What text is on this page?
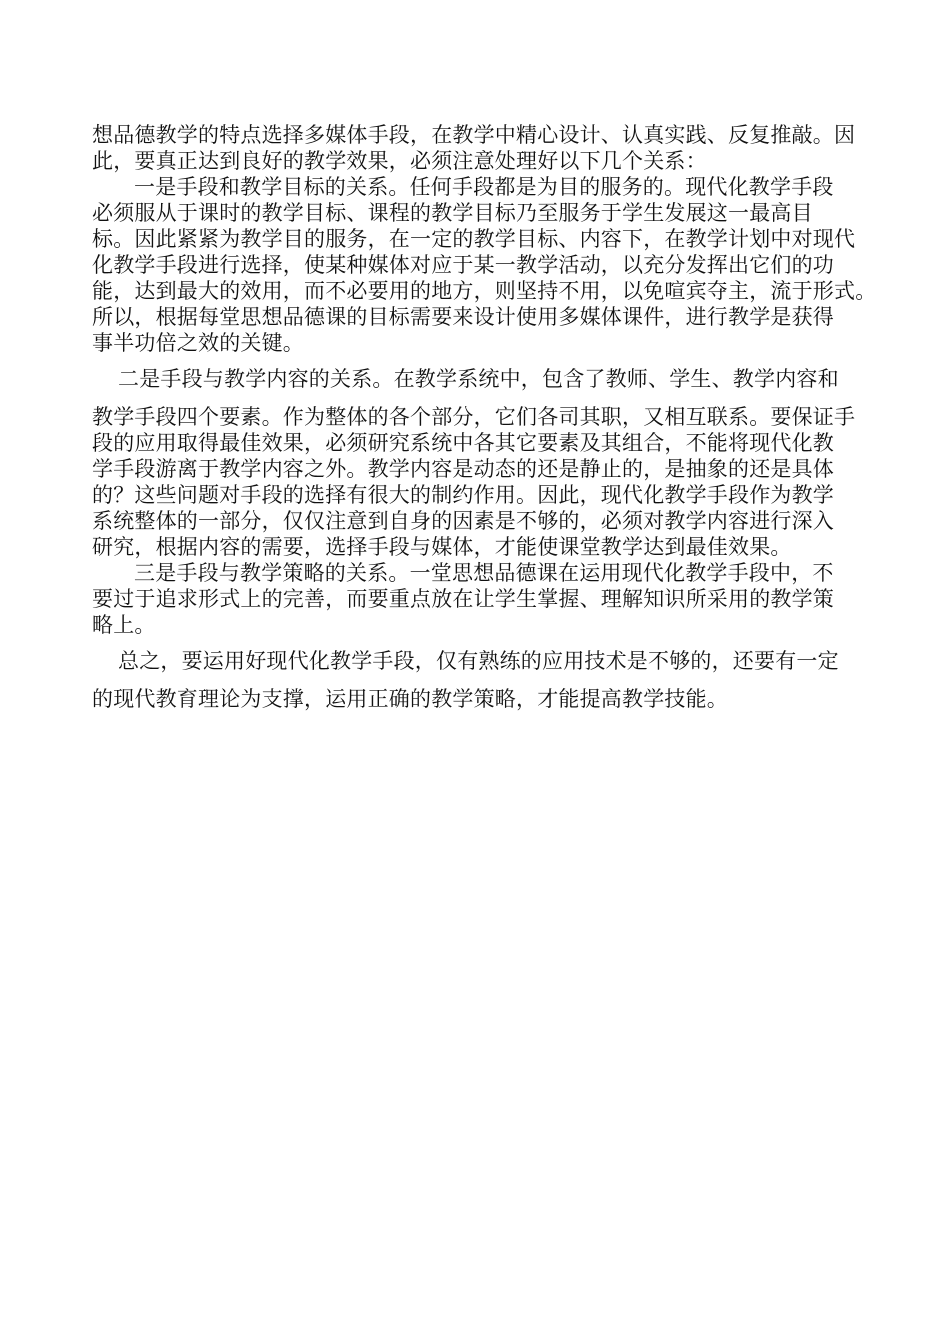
想品德教学的特点选择多媒体手段，在教学中精心设计、认真实践、反复推敲。因
此，要真正达到良好的教学效果，必须注意处理好以下几个关系：
一是手段和教学目标的关系。任何手段都是为目的服务的。现代化教学手段
必须服从于课时的教学目标、课程的教学目标乃至服务于学生发展这一最高目
标。因此紧紧为教学目的服务，在一定的教学目标、内容下，在教学计划中对现代
化教学手段进行选择，使某种媒体对应于某一教学活动，以充分发挥出它们的功
能，达到最大的效用，而不必要用的地方，则坚持不用，以免喧宾夺主，流于形式。
所以，根据每堂思想品德课的目标需要来设计使用多媒体课件，进行教学是获得
事半功倍之效的关键。
二是手段与教学内容的关系。在教学系统中，包含了教师、学生、教学内容和
教学手段四个要素。作为整体的各个部分，它们各司其职，又相互联系。要保证手
段的应用取得最佳效果，必须研究系统中各其它要素及其组合，不能将现代化教
学手段游离于教学内容之外。教学内容是动态的还是静止的，是抽象的还是具体
的？这些问题对手段的选择有很大的制约作用。因此，现代化教学手段作为教学
系统整体的一部分，仅仅注意到自身的因素是不够的，必须对教学内容进行深入
研究，根据内容的需要，选择手段与媒体，才能使课堂教学达到最佳效果。
三是手段与教学策略的关系。一堂思想品德课在运用现代化教学手段中，不
要过于追求形式上的完善，而要重点放在让学生掌握、理解知识所采用的教学策
略上。
总之，要运用好现代化教学手段，仅有熟练的应用技术是不够的，还要有一定
的现代教育理论为支撑，运用正确的教学策略，才能提高教学技能。
